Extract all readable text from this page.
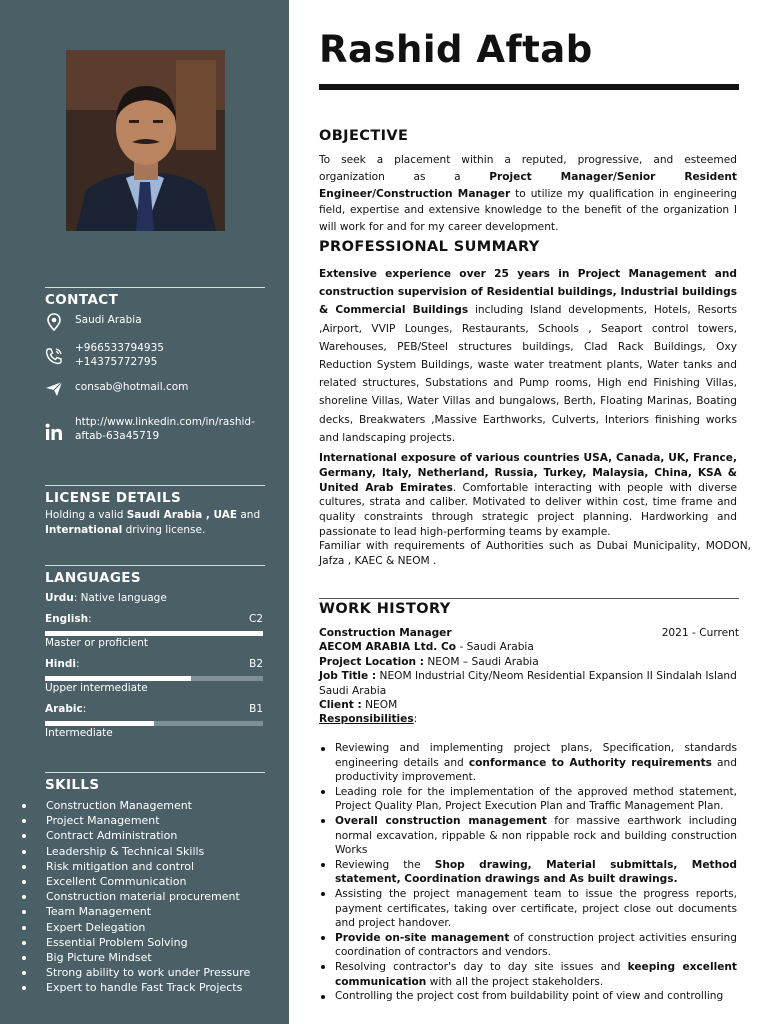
CONTACT
Saudi Arabia
+966533794935
+14375772795
consab@hotmail.com
http://www.linkedin.com/in/rashid-aftab-63a45719
LICENSE DETAILS
Holding a valid Saudi Arabia , UAE and International driving license.
LANGUAGES
Urdu: Native language
English:	C2
Master or proficient
Hindi:	B2
Upper intermediate
Arabic:	B1
Intermediate
SKILLS
Construction Management
Project Management
Contract Administration
Leadership & Technical Skills
Risk mitigation and control
Excellent Communication
Construction material procurement
Team Management
Expert Delegation
Essential Problem Solving
Big Picture Mindset
Strong ability to work under Pressure
Expert to handle Fast Track Projects
Rashid Aftab
OBJECTIVE

To seek a placement within a reputed, progressive, and esteemed organization as a	Project Manager/Senior Resident Engineer/Construction Manager to utilize my qualification in engineering field, expertise and extensive knowledge to the benefit of the organization I will work for and for my career development.

PROFESSIONAL SUMMARY

Extensive experience over 25 years in Project Management and construction supervision of Residential buildings, Industrial buildings & Commercial Buildings including Island developments, Hotels, Resorts ,Airport, VVIP Lounges, Restaurants, Schools , Seaport control towers, Warehouses, PEB/Steel structures buildings, Clad Rack Buildings, Oxy Reduction System Buildings, waste water treatment plants, Water tanks and related structures, Substations and Pump rooms, High end Finishing Villas, shoreline Villas, Water Villas and bungalows, Berth, Floating Marinas, Boating decks, Breakwaters ,Massive Earthworks, Culverts, Interiors finishing works and landscaping projects.

International exposure of various countries USA, Canada, UK, France, Germany, Italy, Netherland, Russia, Turkey, Malaysia, China, KSA & United Arab Emirates. Comfortable interacting with people with diverse cultures, strata and caliber. Motivated to deliver within cost, time frame and quality constraints through strategic project planning. Hardworking and passionate to lead high-performing teams by example.

Familiar with requirements of Authorities such as Dubai Municipality, MODON, Jafza , KAEC & NEOM .

WORK HISTORY
Construction Manager	2021 - Current
AECOM ARABIA Ltd. Co - Saudi Arabia
Project Location : NEOM – Saudi Arabia
Job Title : NEOM Industrial City/Neom Residential Expansion II Sindalah Island Saudi Arabia
Client : NEOM
Responsibilities:
Reviewing and implementing project plans, Specification, standards engineering details and conformance to Authority requirements and productivity improvement.
Leading role for the implementation of the approved method statement, Project Quality Plan, Project Execution Plan and Traffic Management Plan.
Overall construction management for massive earthwork including normal excavation, rippable & non rippable rock and building construction Works
Reviewing the Shop drawing, Material submittals, Method statement, Coordination drawings and As built drawings.
Assisting the project management team to issue the progress reports, payment certificates, taking over certificate, project close out documents and project handover.
Provide on-site management of construction project activities ensuring coordination of contractors and vendors.
Resolving contractor's day to day site issues and keeping excellent communication with all the project stakeholders.
Controlling the project cost from buildability point of view and controlling
